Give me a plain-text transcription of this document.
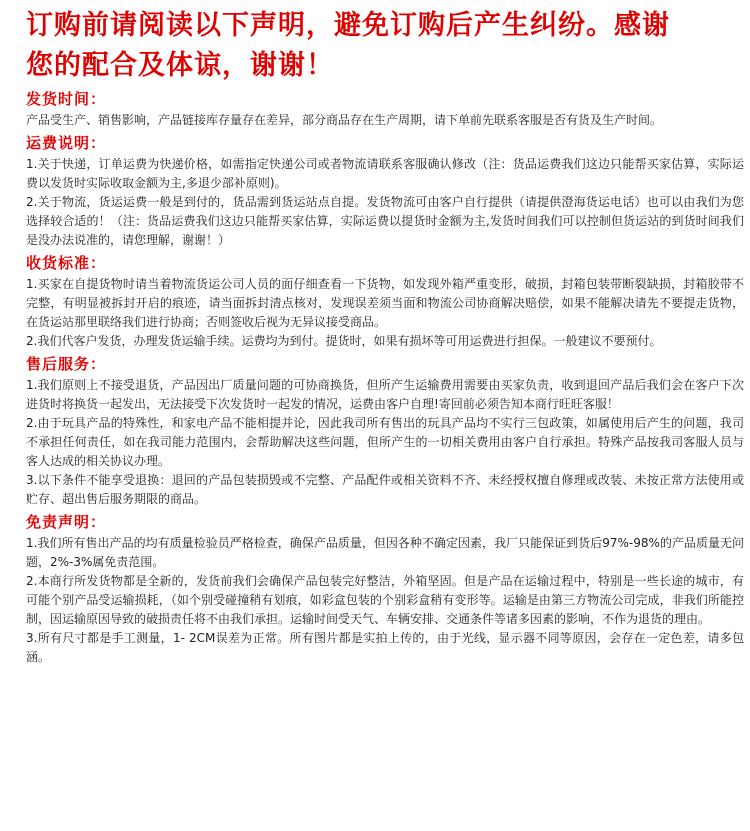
订购前请阅读以下声明，避免订购后产生纠纷。感谢
您的配合及体谅，谢谢！
发货时间：

产品受生产、销售影响，产品链接库存量存在差异，部分商品存在生产周期，请下单前先联系客服是否有货及生产时间。

运费说明：

1.关于快递，订单运费为快递价格，如需指定快递公司或者物流请联系客服确认修改（注：货品运费我们这边只能帮买家估算，实际运费以发货时实际收取金额为主,多退少部补原则)。

2.关于物流，货运运费一般是到付的，货品需到货运站点自提。发货物流可由客户自行提供（请提供澄海货运电话）也可以由我们为您选择较合适的！（注：货品运费我们这边只能帮买家估算，实际运费以提货时金额为主,发货时间我们可以控制但货运站的到货时间我们是没办法说准的，请您理解，谢谢！）

收货标准：

1.买家在自提货物时请当着物流货运公司人员的面仔细查看一下货物，如发现外箱严重变形，破损，封箱包装带断裂缺损，封箱胶带不完整，有明显被拆封开启的痕迹，请当面拆封清点核对，发现误差须当面和物流公司协商解决赔偿，如果不能解决请先不要提走货物，在货运站那里联络我们进行协商；否则签收后视为无异议接受商品。

2.我们代客户发货，办理发货运输手续。运费均为到付。提货时，如果有损坏等可用运费进行担保。一般建议不要预付。

售后服务：

1.我们原则上不接受退货，产品因出厂质量问题的可协商换货，但所产生运输费用需要由买家负责，收到退回产品后我们会在客户下次进货时将换货一起发出，无法接受下次发货时一起发的情况，运费由客户自理!寄回前必须告知本商行旺旺客服！

2.由于玩具产品的特殊性，和家电产品不能相提并论，因此我司所有售出的玩具产品均不实行三包政策，如属使用后产生的问题，我司不承担任何责任，如在我司能力范围内，会帮助解决这些问题，但所产生的一切相关费用由客户自行承担。特殊产品按我司客服人员与客人达成的相关协议办理。

3.以下条件不能享受退换：退回的产品包装损毁或不完整、产品配件或相关资料不齐、未经授权擅自修理或改装、未按正常方法使用或贮存、超出售后服务期限的商品。

免责声明：

1.我们所有售出产品的均有质量检验员严格检查，确保产品质量，但因各种不确定因素，我厂只能保证到货后97%-98%的产品质量无问题，2%-3%属免责范围。

2.本商行所发货物都是全新的，发货前我们会确保产品包装完好整洁，外箱坚固。但是产品在运输过程中，特别是一些长途的城市，有可能个别产品受运输损耗，（如个别受碰撞稍有划痕，如彩盒包装的个别彩盒稍有变形等。运输是由第三方物流公司完成，非我们所能控制，因运输原因导致的破损责任将不由我们承担。运输时间受天气、车辆安排、交通条件等诸多因素的影响，不作为退货的理由。

3.所有尺寸都是手工测量，1- 2CM误差为正常。所有图片都是实拍上传的，由于光线，显示器不同等原因，会存在一定色差，请多包涵。
